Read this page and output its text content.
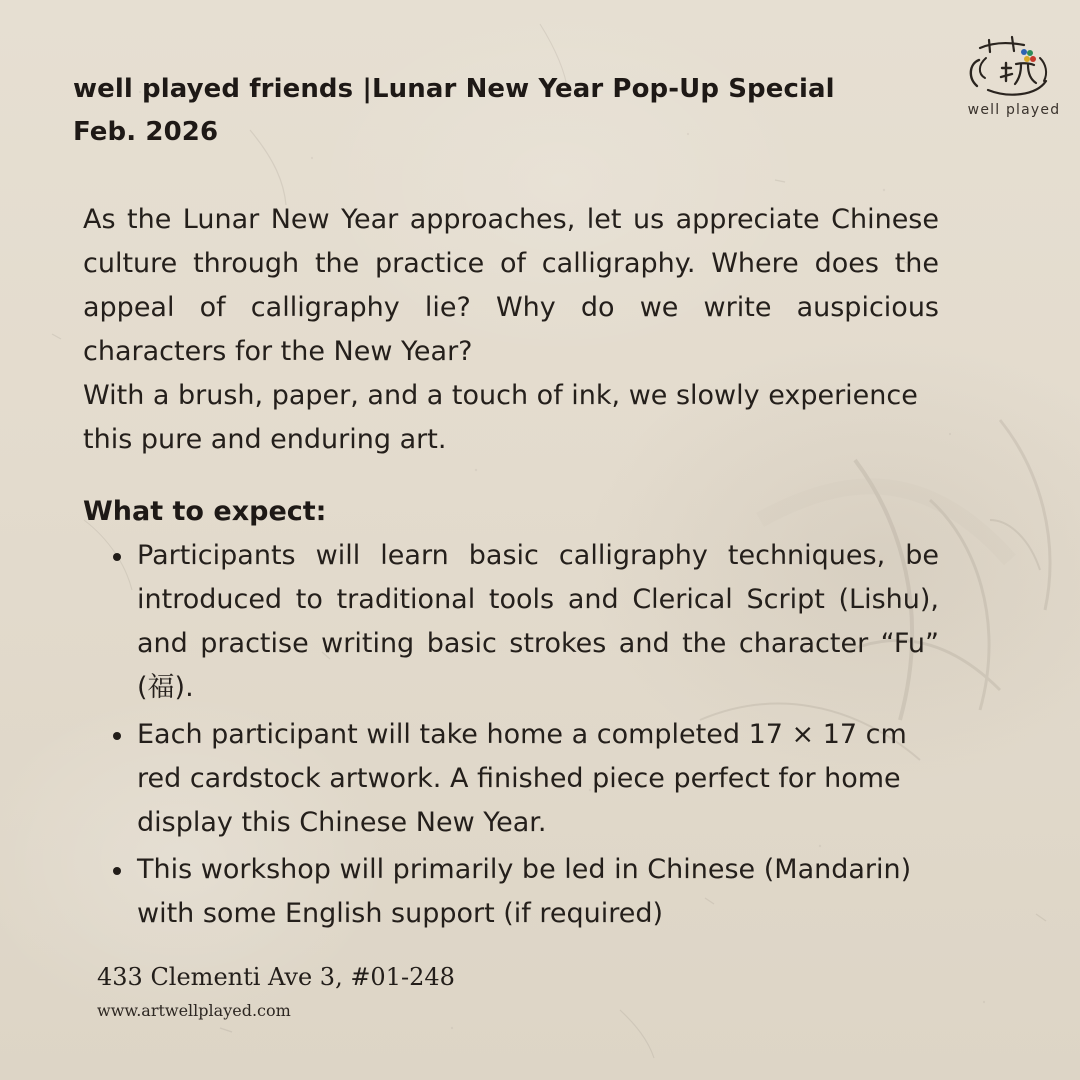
well played friends |Lunar New Year Pop-Up Special
Feb. 2026
well played

As the Lunar New Year approaches, let us appreciate Chinese culture through the practice of calligraphy. Where does the appeal of calligraphy lie? Why do we write auspicious characters for the New Year?

With a brush, paper, and a touch of ink, we slowly experience this pure and enduring art.

What to expect:
Participants will learn basic calligraphy techniques, be introduced to traditional tools and Clerical Script (Lishu), and practise writing basic strokes and the character “Fu” (福).
Each participant will take home a completed 17 × 17 cm red cardstock artwork. A finished piece perfect for home display this Chinese New Year.
This workshop will primarily be led in Chinese (Mandarin) with some English support (if required)
433 Clementi Ave 3, #01-248
www.artwellplayed.com
